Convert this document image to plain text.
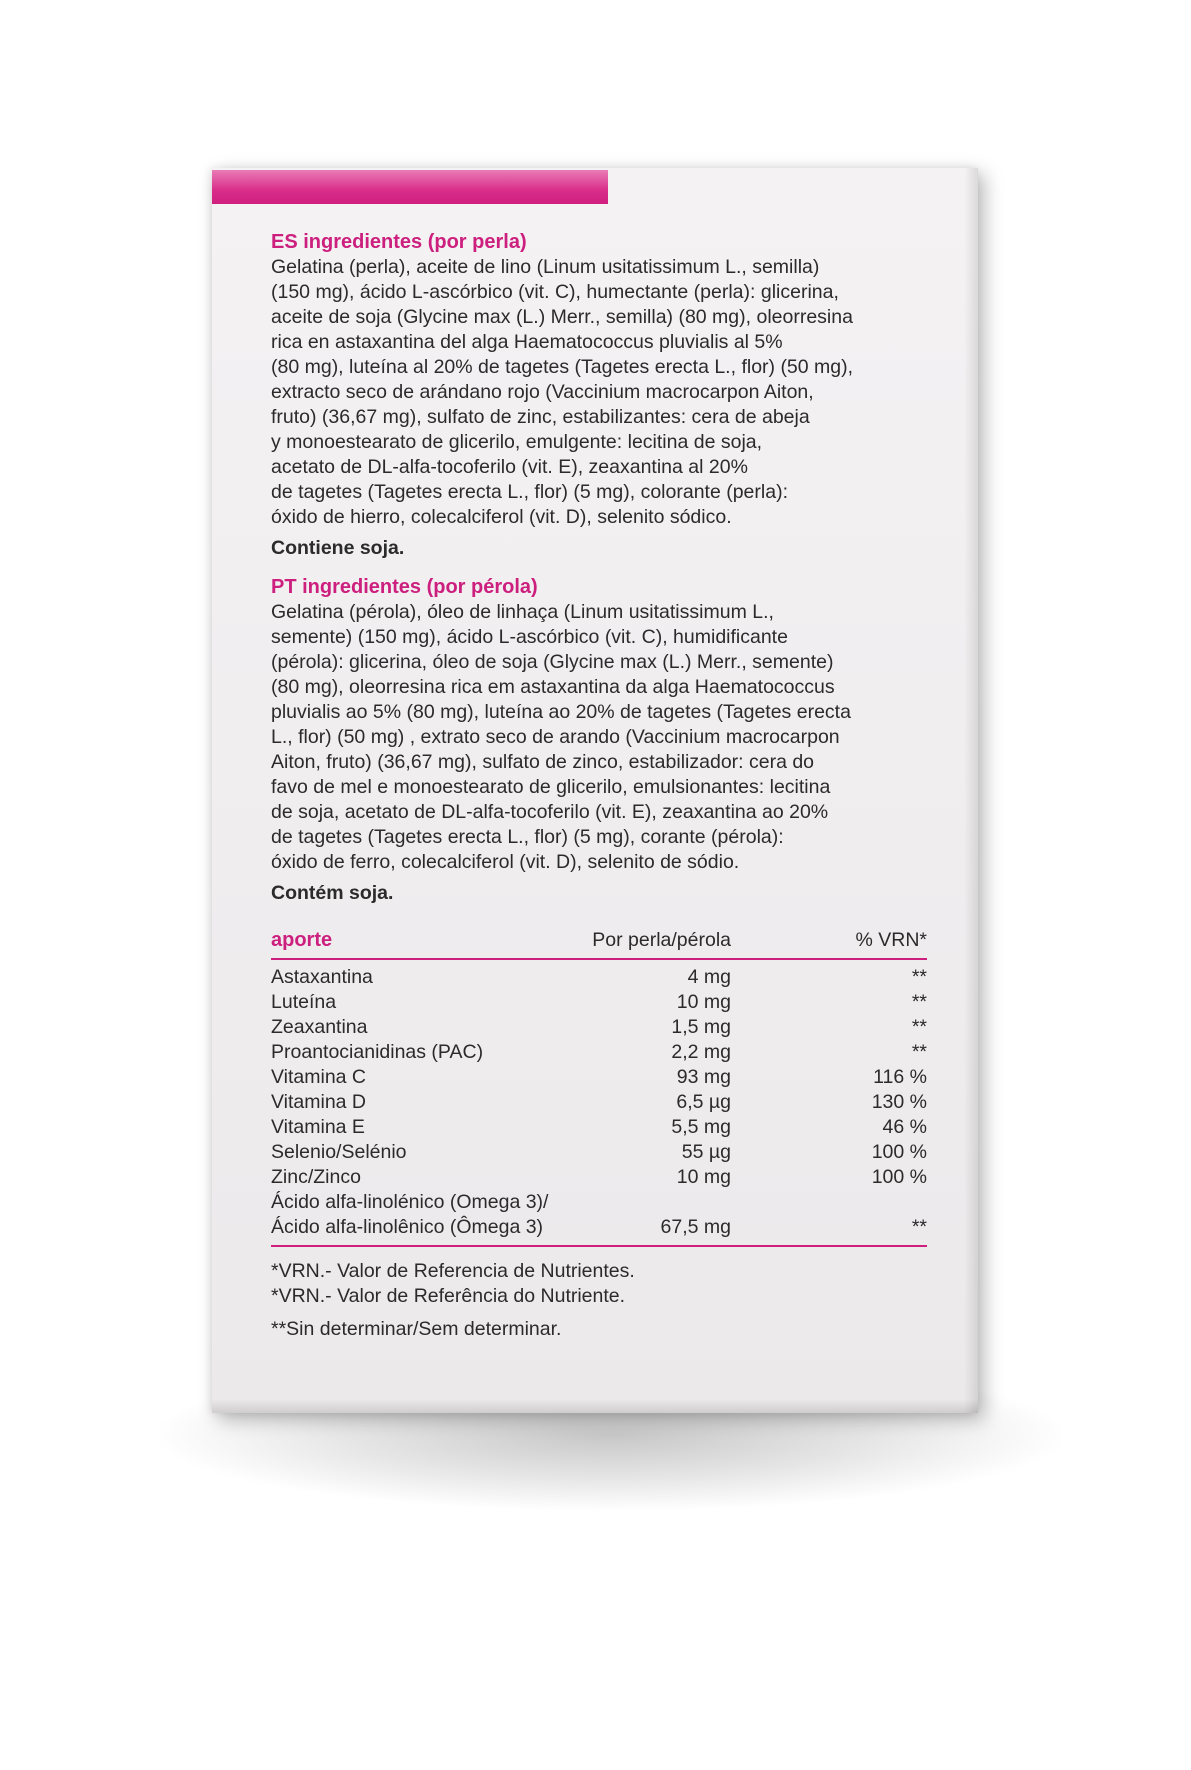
ES ingredientes (por perla)

Gelatina (perla), aceite de lino (Linum usitatissimum L., semilla)
(150 mg), ácido L-ascórbico (vit. C), humectante (perla): glicerina,
aceite de soja (Glycine max (L.) Merr., semilla) (80 mg), oleorresina
rica en astaxantina del alga Haematococcus pluvialis al 5%
(80 mg), luteína al 20% de tagetes (Tagetes erecta L., flor) (50 mg),
extracto seco de arándano rojo (Vaccinium macrocarpon Aiton,
fruto) (36,67 mg), sulfato de zinc, estabilizantes: cera de abeja
y monoestearato de glicerilo, emulgente: lecitina de soja,
acetato de DL-alfa-tocoferilo (vit. E), zeaxantina al 20%
de tagetes (Tagetes erecta L., flor) (5 mg), colorante (perla):
óxido de hierro, colecalciferol (vit. D), selenito sódico.

Contiene soja.

PT ingredientes (por pérola)

Gelatina (pérola), óleo de linhaça (Linum usitatissimum L.,
semente) (150 mg), ácido L-ascórbico (vit. C), humidificante
(pérola): glicerina, óleo de soja (Glycine max (L.) Merr., semente)
(80 mg), oleorresina rica em astaxantina da alga Haematococcus
pluvialis ao 5% (80 mg), luteína ao 20% de tagetes (Tagetes erecta
L., flor) (50 mg) , extrato seco de arando (Vaccinium macrocarpon
Aiton, fruto) (36,67 mg), sulfato de zinco, estabilizador: cera do
favo de mel e monoestearato de glicerilo, emulsionantes: lecitina
de soja, acetato de DL-alfa-tocoferilo (vit. E), zeaxantina ao 20%
de tagetes (Tagetes erecta L., flor) (5 mg), corante (pérola):
óxido de ferro, colecalciferol (vit. D), selenito de sódio.

Contém soja.

aporte	Por perla/pérola	% VRN*
Astaxantina	4 mg	**
Luteína	10 mg	**
Zeaxantina	1,5 mg	**
Proantocianidinas (PAC)	2,2 mg	**
Vitamina C	93 mg	116 %
Vitamina D	6,5 µg	130 %
Vitamina E	5,5 mg	46 %
Selenio/Selénio	55 µg	100 %
Zinc/Zinco	10 mg	100 %
Ácido alfa-linolénico (Omega 3)/
Ácido alfa-linolênico (Ômega 3)	67,5 mg	**
*VRN.- Valor de Referencia de Nutrientes.
*VRN.- Valor de Referência do Nutriente.
**Sin determinar/Sem determinar.
